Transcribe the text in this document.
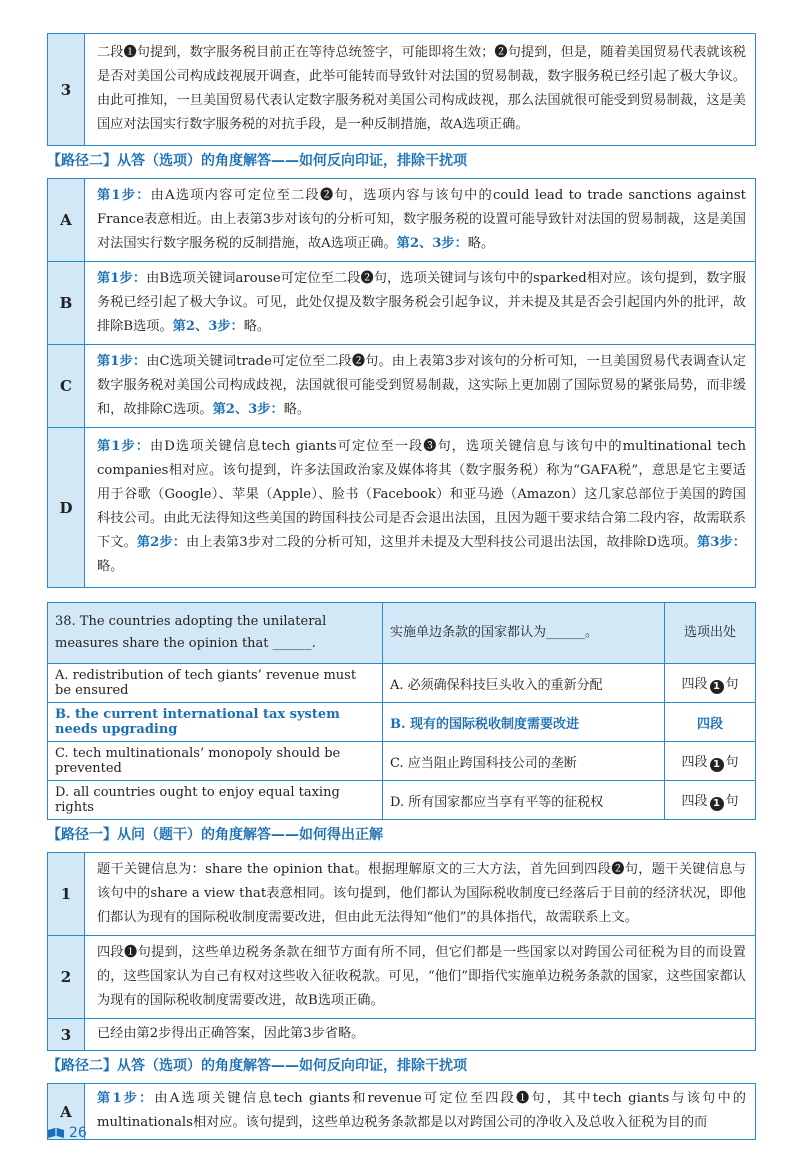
3	二段❶句提到，数字服务税目前正在等待总统签字，可能即将生效；❷句提到，但是，随着美国贸易代表就该税是否对美国公司构成歧视展开调查，此举可能转而导致针对法国的贸易制裁，数字服务税已经引起了极大争议。由此可推知，一旦美国贸易代表认定数字服务税对美国公司构成歧视，那么法国就很可能受到贸易制裁，这是美国应对法国实行数字服务税的对抗手段，是一种反制措施，故A选项正确。
【路径二】从答（选项）的角度解答——如何反向印证，排除干扰项
A	第1步：由A选项内容可定位至二段❷句，选项内容与该句中的could lead to trade sanctions against France表意相近。由上表第3步对该句的分析可知，数字服务税的设置可能导致针对法国的贸易制裁，这是美国对法国实行数字服务税的反制措施，故A选项正确。第2、3步：略。
B	第1步：由B选项关键词arouse可定位至二段❷句，选项关键词与该句中的sparked相对应。该句提到，数字服务税已经引起了极大争议。可见，此处仅提及数字服务税会引起争议，并未提及其是否会引起国内外的批评，故排除B选项。第2、3步：略。
C	第1步：由C选项关键词trade可定位至二段❷句。由上表第3步对该句的分析可知，一旦美国贸易代表调查认定数字服务税对美国公司构成歧视，法国就很可能受到贸易制裁，这实际上更加剧了国际贸易的紧张局势，而非缓和，故排除C选项。第2、3步：略。
D	第1步：由D选项关键信息tech giants可定位至一段❸句，选项关键信息与该句中的multinational tech companies相对应。该句提到，许多法国政治家及媒体将其（数字服务税）称为“GAFA税”，意思是它主要适用于谷歌（Google）、苹果（Apple）、脸书（Facebook）和亚马逊（Amazon）这几家总部位于美国的跨国科技公司。由此无法得知这些美国的跨国科技公司是否会退出法国，且因为题干要求结合第二段内容，故需联系下文。第2步：由上表第3步对二段的分析可知，这里并未提及大型科技公司退出法国，故排除D选项。第3步：略。
38. The countries adopting the unilateral measures share the opinion that ______.	实施单边条款的国家都认为______。	选项出处
A. redistribution of tech giants’ revenue must be ensured	A. 必须确保科技巨头收入的重新分配	四段 1 句
B. the current international tax system needs upgrading	B. 现有的国际税收制度需要改进	四段
C. tech multinationals’ monopoly should be prevented	C. 应当阻止跨国科技公司的垄断	四段 1 句
D. all countries ought to enjoy equal taxing rights	D. 所有国家都应当享有平等的征税权	四段 1 句
【路径一】从问（题干）的角度解答——如何得出正解
1	题干关键信息为：share the opinion that。根据理解原文的三大方法，首先回到四段❷句，题干关键信息与该句中的share a view that表意相同。该句提到，他们都认为国际税收制度已经落后于目前的经济状况，即他们都认为现有的国际税收制度需要改进，但由此无法得知“他们”的具体指代，故需联系上文。
2	四段❶句提到，这些单边税务条款在细节方面有所不同，但它们都是一些国家以对跨国公司征税为目的而设置的，这些国家认为自己有权对这些收入征收税款。可见，“他们”即指代实施单边税务条款的国家，这些国家都认为现有的国际税收制度需要改进，故B选项正确。
3	已经由第2步得出正确答案，因此第3步省略。
【路径二】从答（选项）的角度解答——如何反向印证，排除干扰项
A	第1步：由A选项关键信息tech giants和revenue可定位至四段❶句，其中tech giants与该句中的multinationals相对应。该句提到，这些单边税务条款都是以对跨国公司的净收入及总收入征税为目的而
26
